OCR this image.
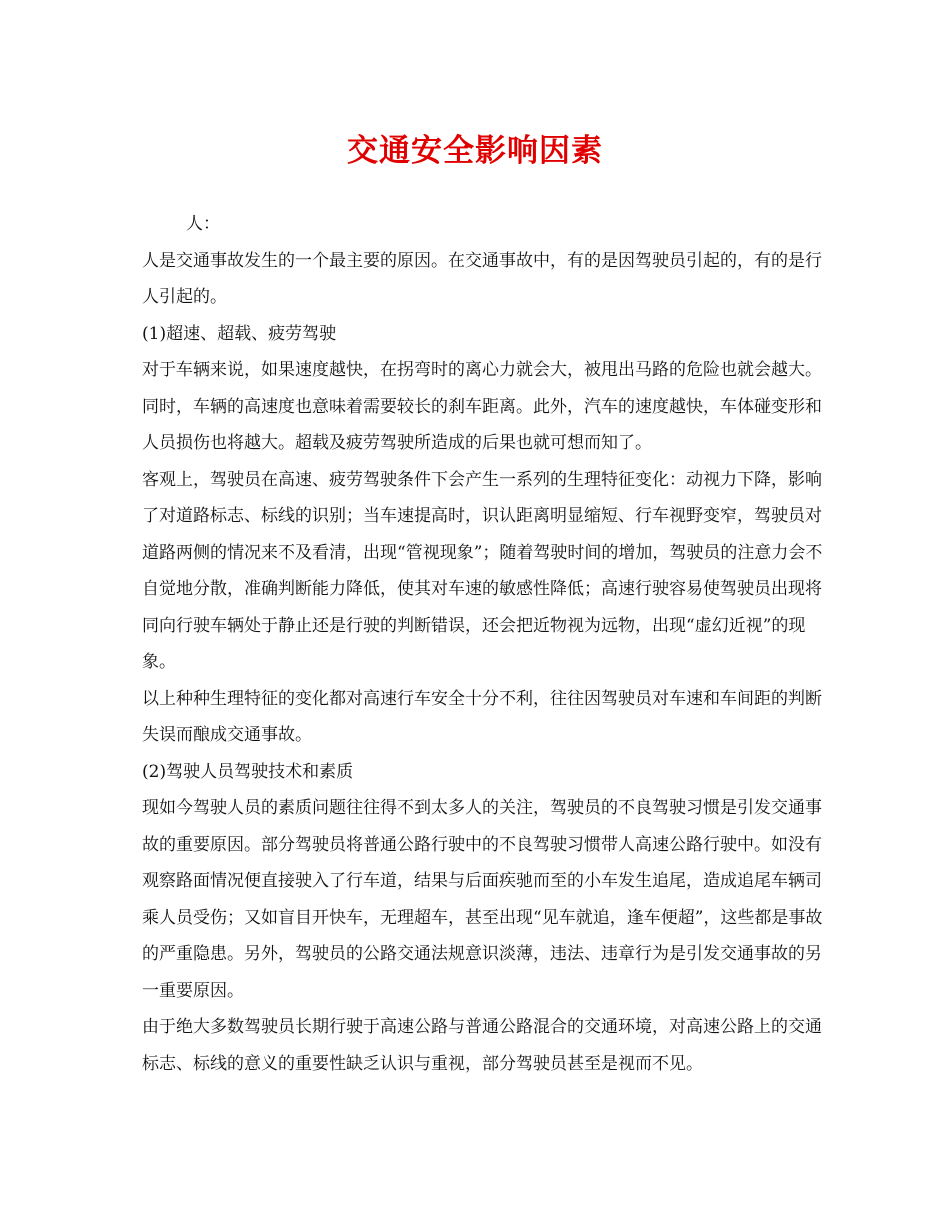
交通安全影响因素

人：

人是交通事故发生的一个最主要的原因。在交通事故中，有的是因驾驶员引起的，有的是行人引起的。

(1)超速、超载、疲劳驾驶

对于车辆来说，如果速度越快，在拐弯时的离心力就会大，被甩出马路的危险也就会越大。同时，车辆的高速度也意味着需要较长的刹车距离。此外，汽车的速度越快，车体碰变形和人员损伤也将越大。超载及疲劳驾驶所造成的后果也就可想而知了。

客观上，驾驶员在高速、疲劳驾驶条件下会产生一系列的生理特征变化：动视力下降，影响了对道路标志、标线的识别；当车速提高时，识认距离明显缩短、行车视野变窄，驾驶员对道路两侧的情况来不及看清，出现“管视现象”；随着驾驶时间的增加，驾驶员的注意力会不自觉地分散，准确判断能力降低，使其对车速的敏感性降低；高速行驶容易使驾驶员出现将同向行驶车辆处于静止还是行驶的判断错误，还会把近物视为远物，出现“虚幻近视”的现象。

以上种种生理特征的变化都对高速行车安全十分不利，往往因驾驶员对车速和车间距的判断失误而酿成交通事故。

(2)驾驶人员驾驶技术和素质

现如今驾驶人员的素质问题往往得不到太多人的关注，驾驶员的不良驾驶习惯是引发交通事故的重要原因。部分驾驶员将普通公路行驶中的不良驾驶习惯带人高速公路行驶中。如没有观察路面情况便直接驶入了行车道，结果与后面疾驰而至的小车发生追尾，造成追尾车辆司乘人员受伤；又如盲目开快车，无理超车，甚至出现“见车就追，逢车便超”，这些都是事故的严重隐患。另外，驾驶员的公路交通法规意识淡薄，违法、违章行为是引发交通事故的另一重要原因。

由于绝大多数驾驶员长期行驶于高速公路与普通公路混合的交通环境，对高速公路上的交通标志、标线的意义的重要性缺乏认识与重视，部分驾驶员甚至是视而不见。
